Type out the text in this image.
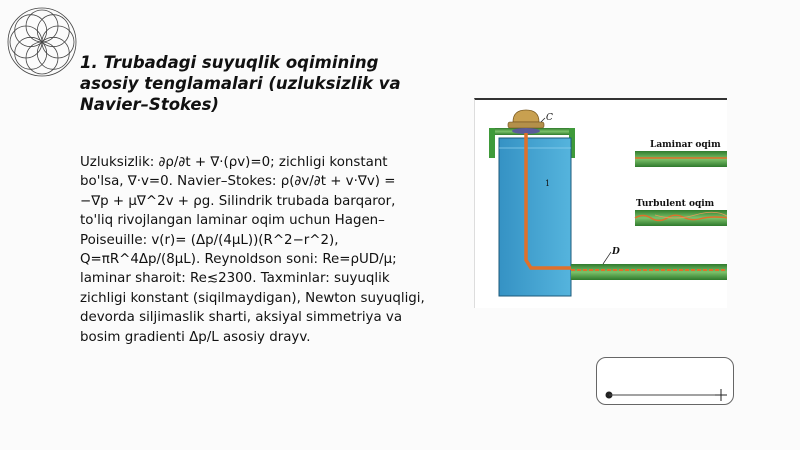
1. Trubadagi suyuqlik oqimining asosiy tenglamalari (uzluksizlik va Navier–Stokes)

Uzluksizlik: ∂ρ/∂t + ∇·(ρv)=0; zichligi konstant bo'lsa, ∇·v=0. Navier–Stokes: ρ(∂v/∂t + v·∇v) = −∇p + μ∇^2v + ρg. Silindrik trubada barqaror, to'liq rivojlangan laminar oqim uchun Hagen–Poiseuille: v(r)= (Δp/(4μL))(R^2−r^2), Q=πR^4Δp/(8μL). Reynoldson soni: Re=ρUD/μ; laminar sharoit: Re≲2300. Taxminlar: suyuqlik zichligi konstant (siqilmaydigan), Newton suyuqligi, devorda siljimaslik sharti, aksiyal simmetriya va bosim gradienti Δp/L asosiy drayv.

C
1
D
Laminar oqim
Turbulent oqim
